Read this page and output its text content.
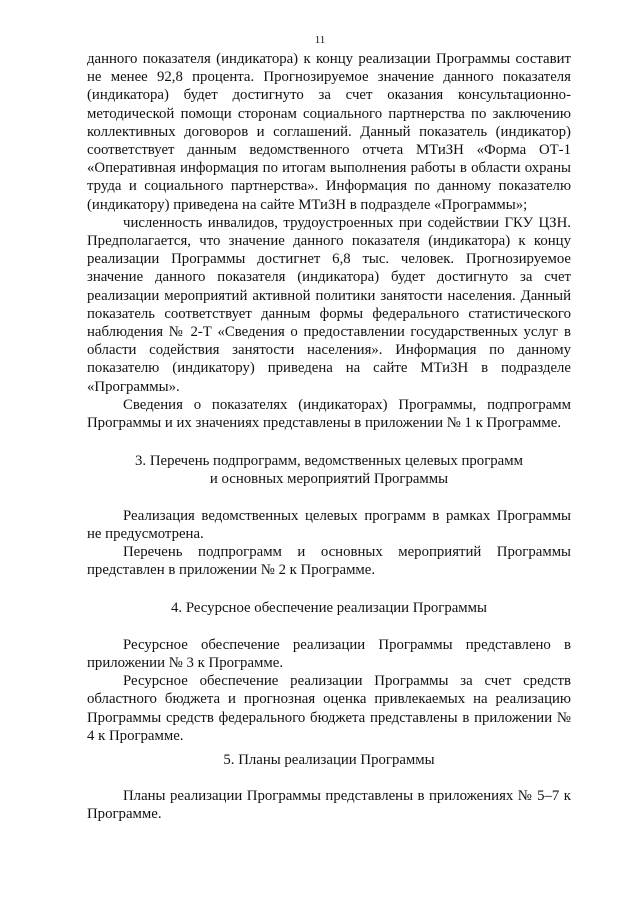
11

данного показателя (индикатора) к концу реализации Программы составит не менее 92,8 процента. Прогнозируемое значение данного показателя (индикатора) будет достигнуто за счет оказания консультационно-методической помощи сторонам социального партнерства по заключению коллективных договоров и соглашений. Данный показатель (индикатор) соответствует данным ведомственного отчета МТиЗН «Форма ОТ-1 «Оперативная информация по итогам выполнения работы в области охраны труда и социального партнерства». Информация по данному показателю (индикатору) приведена на сайте МТиЗН в подразделе «Программы»;

численность инвалидов, трудоустроенных при содействии ГКУ ЦЗН. Предполагается, что значение данного показателя (индикатора) к концу реализации Программы достигнет 6,8 тыс. человек. Прогнозируемое значение данного показателя (индикатора) будет достигнуто за счет реализации мероприятий активной политики занятости населения. Данный показатель соответствует данным формы федерального статистического наблюдения № 2-Т «Сведения о предоставлении государственных услуг в области содействия занятости населения». Информация по данному показателю (индикатору) приведена на сайте МТиЗН в подразделе «Программы».

Сведения о показателях (индикаторах) Программы, подпрограмм Программы и их значениях представлены в приложении № 1 к Программе.

3. Перечень подпрограмм, ведомственных целевых программ
и основных мероприятий Программы

Реализация ведомственных целевых программ в рамках Программы не предусмотрена.

Перечень подпрограмм и основных мероприятий Программы представлен в приложении № 2 к Программе.

4. Ресурсное обеспечение реализации Программы

Ресурсное обеспечение реализации Программы представлено в приложении № 3 к Программе.

Ресурсное обеспечение реализации Программы за счет средств областного бюджета и прогнозная оценка привлекаемых на реализацию Программы средств федерального бюджета представлены в приложении № 4 к Программе.

5. Планы реализации Программы

Планы реализации Программы представлены в приложениях № 5–7 к Программе.
